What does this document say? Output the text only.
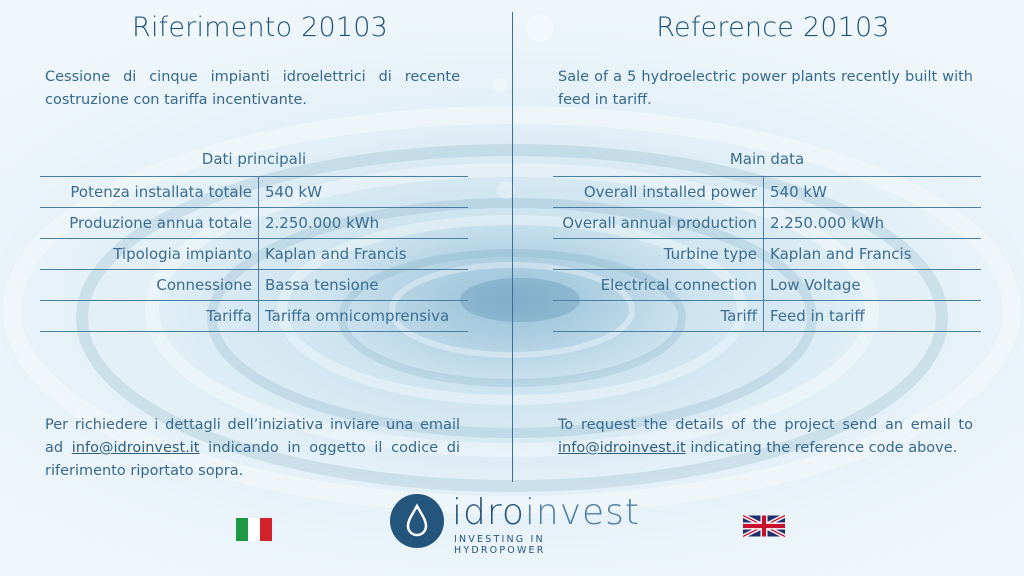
Riferimento 20103

Cessione di cinque impianti idroelettrici di recente costruzione con tariffa incentivante.

Dati principali
Potenza installata totale	540 kW
Produzione annua totale	2.250.000 kWh
Tipologia impianto	Kaplan and Francis
Connessione	Bassa tensione
Tariffa	Tariffa omnicomprensiva

Per richiedere i dettagli dell’iniziativa inviare una email ad info@idroinvest.it indicando in oggetto il codice di riferimento riportato sopra.

Reference 20103

Sale of a 5 hydroelectric power plants recently built with feed in tariff.

Main data
Overall installed power	540 kW
Overall annual production	2.250.000 kWh
Turbine type	Kaplan and Francis
Electrical connection	Low Voltage
Tariff	Feed in tariff

To request the details of the project send an email to info@idroinvest.it indicating the reference code above.

idroinvest
INVESTING IN HYDROPOWER
